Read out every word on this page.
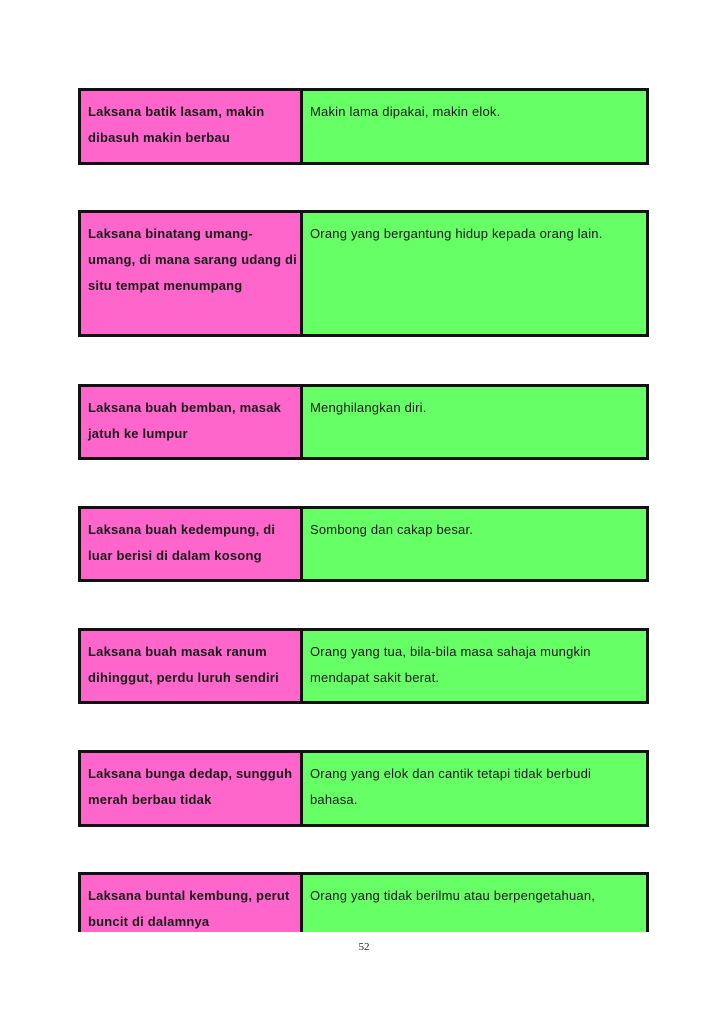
Laksana batik lasam, makin dibasuh makin berbau
Makin lama dipakai, makin elok.
Laksana binatang umang-umang, di mana sarang udang di situ tempat menumpang
Orang yang bergantung hidup kepada orang lain.
Laksana buah bemban, masak jatuh ke lumpur
Menghilangkan diri.
Laksana buah kedempung, di luar berisi di dalam kosong
Sombong dan cakap besar.
Laksana buah masak ranum dihinggut, perdu luruh sendiri
Orang yang tua, bila-bila masa sahaja mungkin mendapat sakit berat.
Laksana bunga dedap, sungguh merah berbau tidak
Orang yang elok dan cantik tetapi tidak berbudi bahasa.
Laksana buntal kembung, perut buncit di dalamnya
Orang yang tidak berilmu atau berpengetahuan,
52
